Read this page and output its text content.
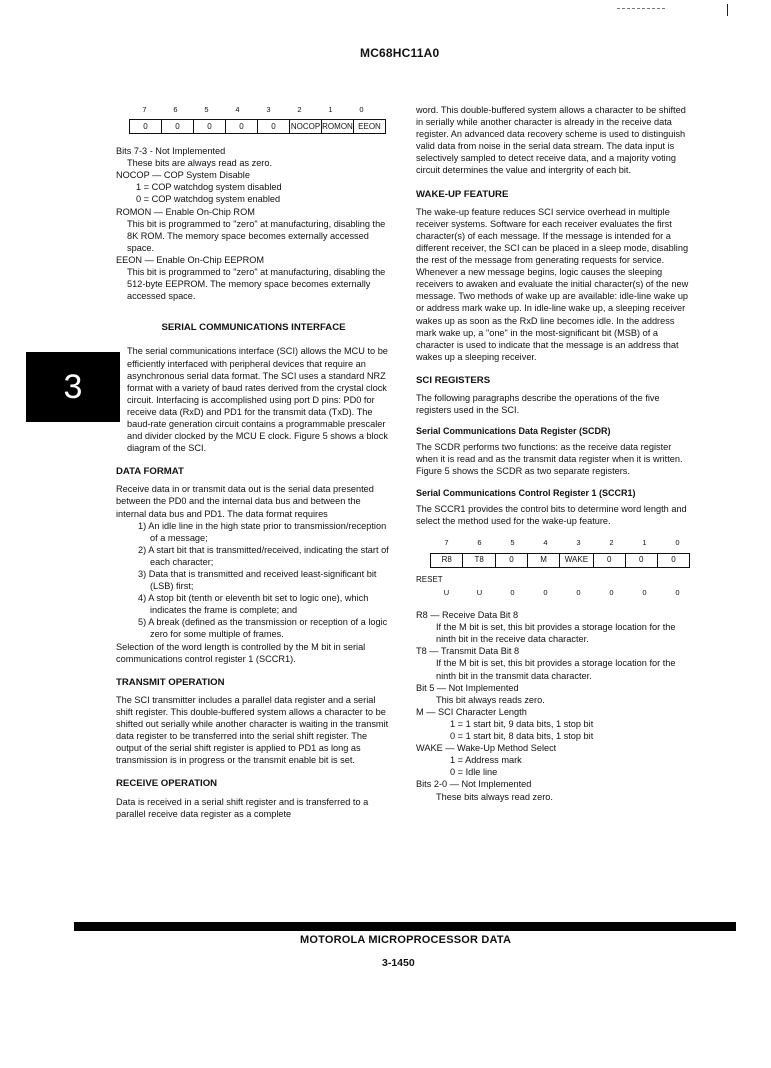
MC68HC11A0
3
7	6	5	4	3	2	1	0
0	0	0	0	0	NOCOP	ROMON	EEON

Bits 7-3 - Not Implemented

These bits are always read as zero.

NOCOP — COP System Disable

1 = COP watchdog system disabled

0 = COP watchdog system enabled

ROMON — Enable On-Chip ROM

This bit is programmed to "zero" at manufacturing, disabling the 8K ROM. The memory space becomes externally accessed space.

EEON — Enable On-Chip EEPROM

This bit is programmed to "zero" at manufacturing, disabling the 512-byte EEPROM. The memory space becomes externally accessed space.

SERIAL COMMUNICATIONS INTERFACE

The serial communications interface (SCI) allows the MCU to be efficiently interfaced with peripheral devices that require an asynchronous serial data format. The SCI uses a standard NRZ format with a variety of baud rates derived from the crystal clock circuit. Interfacing is accomplished using port D pins: PD0 for receive data (RxD) and PD1 for the transmit data (TxD). The baud-rate generation circuit contains a programmable prescaler and divider clocked by the MCU E clock. Figure 5 shows a block diagram of the SCI.

DATA FORMAT

Receive data in or transmit data out is the serial data presented between the PD0 and the internal data bus and between the internal data bus and PD1. The data format requires

1) An idle line in the high state prior to transmission/reception of a message;

2) A start bit that is transmitted/received, indicating the start of each character;

3) Data that is transmitted and received least-significant bit (LSB) first;

4) A stop bit (tenth or eleventh bit set to logic one), which indicates the frame is complete; and

5) A break (defined as the transmission or reception of a logic zero for some multiple of frames.

Selection of the word length is controlled by the M bit in serial communications control register 1 (SCCR1).

TRANSMIT OPERATION

The SCI transmitter includes a parallel data register and a serial shift register. This double-buffered system allows a character to be shifted out serially while another character is waiting in the transmit data register to be transferred into the serial shift register. The output of the serial shift register is applied to PD1 as long as transmission is in progress or the transmit enable bit is set.

RECEIVE OPERATION

Data is received in a serial shift register and is transferred to a parallel receive data register as a complete

word. This double-buffered system allows a character to be shifted in serially while another character is already in the receive data register. An advanced data recovery scheme is used to distinguish valid data from noise in the serial data stream. The data input is selectively sampled to detect receive data, and a majority voting circuit determines the value and intergrity of each bit.

WAKE-UP FEATURE

The wake-up feature reduces SCI service overhead in multiple receiver systems. Software for each receiver evaluates the first character(s) of each message. If the message is intended for a different receiver, the SCI can be placed in a sleep mode, disabling the rest of the message from generating requests for service. Whenever a new message begins, logic causes the sleeping receivers to awaken and evaluate the initial character(s) of the new message. Two methods of wake up are available: idle-line wake up or address mark wake up. In idle-line wake up, a sleeping receiver wakes up as soon as the RxD line becomes idle. In the address mark wake up, a "one" in the most-significant bit (MSB) of a character is used to indicate that the message is an address that wakes up a sleeping receiver.

SCI REGISTERS

The following paragraphs describe the operations of the five registers used in the SCI.

Serial Communications Data Register (SCDR)

The SCDR performs two functions: as the receive data register when it is read and as the transmit data register when it is written. Figure 5 shows the SCDR as two separate registers.

Serial Communications Control Register 1 (SCCR1)

The SCCR1 provides the control bits to determine word length and select the method used for the wake-up feature.

7	6	5	4	3	2	1	0
R8	T8	0	M	WAKE	0	0	0
RESET
U	U	0	0	0	0	0	0

R8 — Receive Data Bit 8

If the M bit is set, this bit provides a storage location for the ninth bit in the receive data character.

T8 — Transmit Data Bit 8

If the M bit is set, this bit provides a storage location for the ninth bit in the transmit data character.

Bit 5 — Not Implemented

This bit always reads zero.

M — SCI Character Length

1 = 1 start bit, 9 data bits, 1 stop bit

0 = 1 start bit, 8 data bits, 1 stop bit

WAKE — Wake-Up Method Select

1 = Address mark

0 = Idle line

Bits 2-0 — Not Implemented

These bits always read zero.

MOTOROLA MICROPROCESSOR DATA
3-1450
